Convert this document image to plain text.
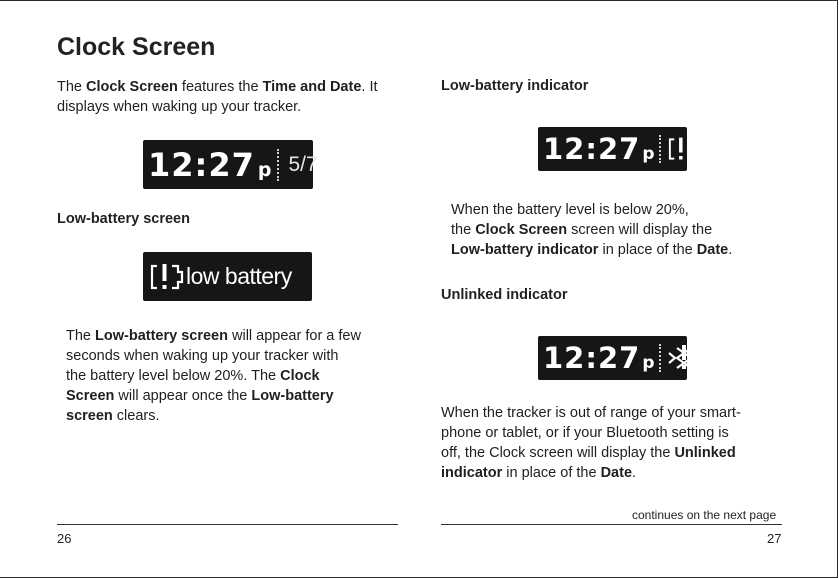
Clock Screen
The Clock Screen features the Time and Date. It
displays when waking up your tracker.
12:27 p 5/7
Low-battery screen
low battery
The Low-battery screen will appear for a few
seconds when waking up your tracker with
the battery level below 20%. The Clock
Screen will appear once the Low-battery
screen clears.
26
Low-battery indicator
12:27 p
When the battery level is below 20%,
the Clock Screen screen will display the
Low-battery indicator in place of the Date.
Unlinked indicator
12:27 p
When the tracker is out of range of your smart-
phone or tablet, or if your Bluetooth setting is
off, the Clock screen will display the Unlinked
indicator in place of the Date.
continues on the next page
27
